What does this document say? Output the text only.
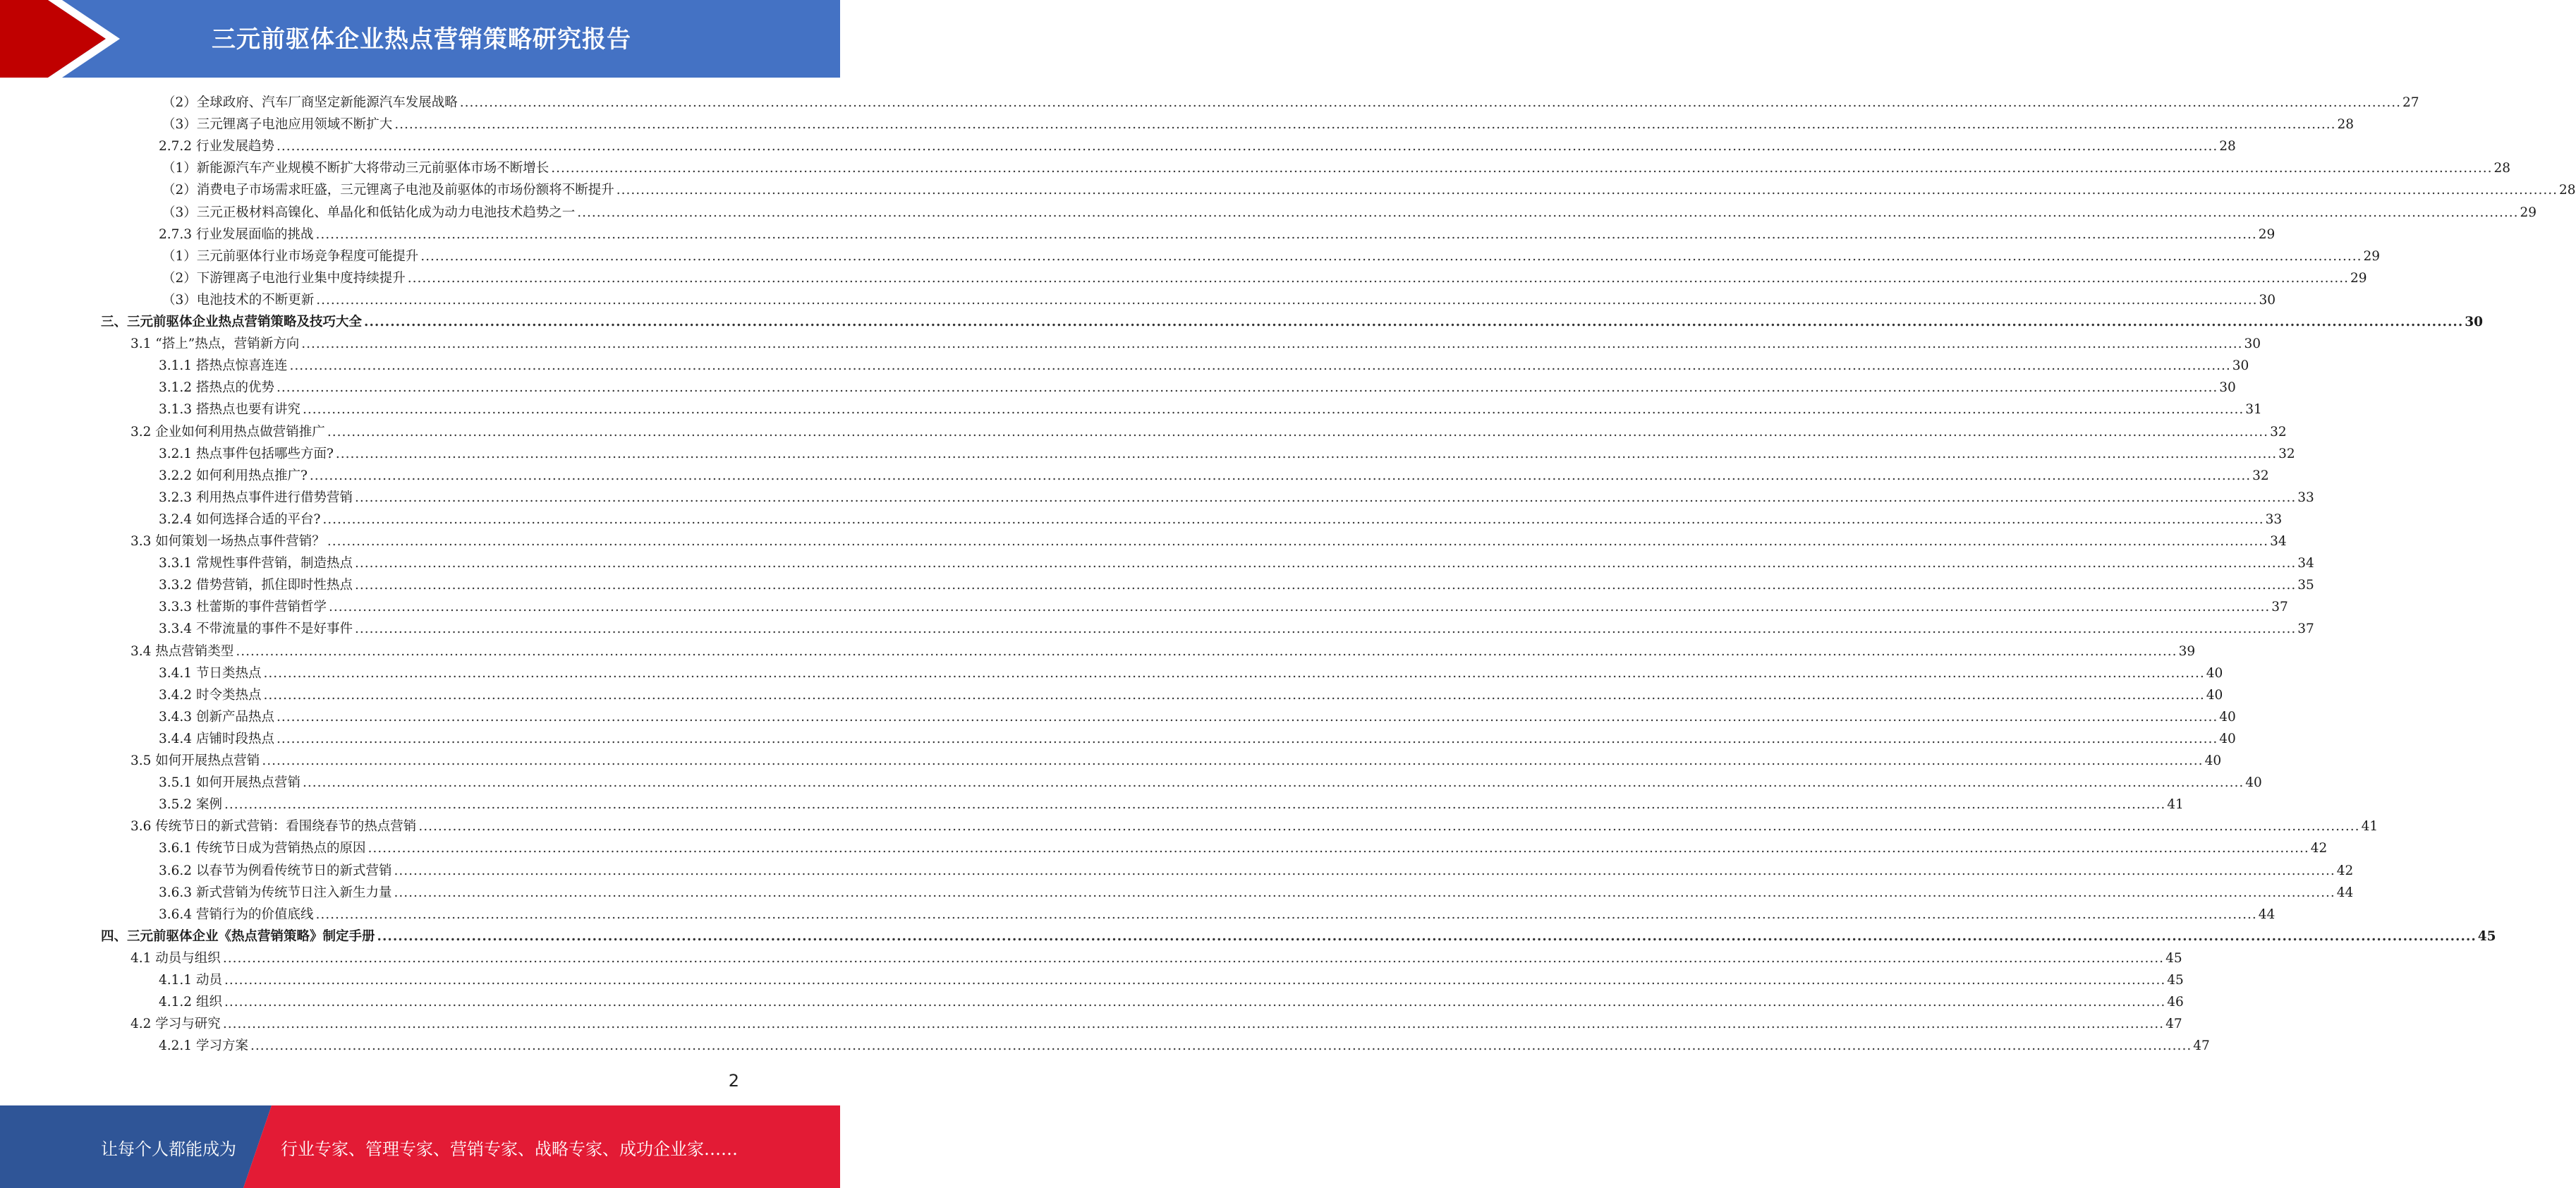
三元前驱体企业热点营销策略研究报告
（2）全球政府、汽车厂商坚定新能源汽车发展战略 ................................................................................................................................................................................................................................................................................................................................................................................................................ 27
（3）三元锂离子电池应用领域不断扩大 ................................................................................................................................................................................................................................................................................................................................................................................................................ 28
2.7.2 行业发展趋势 ................................................................................................................................................................................................................................................................................................................................................................................................................ 28
（1）新能源汽车产业规模不断扩大将带动三元前驱体市场不断增长 ................................................................................................................................................................................................................................................................................................................................................................................................................ 28
（2）消费电子市场需求旺盛，三元锂离子电池及前驱体的市场份额将不断提升 ................................................................................................................................................................................................................................................................................................................................................................................................................ 28
（3）三元正极材料高镍化、单晶化和低钴化成为动力电池技术趋势之一 ................................................................................................................................................................................................................................................................................................................................................................................................................ 29
2.7.3 行业发展面临的挑战 ................................................................................................................................................................................................................................................................................................................................................................................................................ 29
（1）三元前驱体行业市场竞争程度可能提升 ................................................................................................................................................................................................................................................................................................................................................................................................................ 29
（2）下游锂离子电池行业集中度持续提升 ................................................................................................................................................................................................................................................................................................................................................................................................................ 29
（3）电池技术的不断更新 ................................................................................................................................................................................................................................................................................................................................................................................................................ 30
三、三元前驱体企业热点营销策略及技巧大全 ................................................................................................................................................................................................................................................................................................................................................................................................................ 30
3.1 “搭上”热点，营销新方向 ................................................................................................................................................................................................................................................................................................................................................................................................................ 30
3.1.1 搭热点惊喜连连 ................................................................................................................................................................................................................................................................................................................................................................................................................ 30
3.1.2 搭热点的优势 ................................................................................................................................................................................................................................................................................................................................................................................................................ 30
3.1.3 搭热点也要有讲究 ................................................................................................................................................................................................................................................................................................................................................................................................................ 31
3.2 企业如何利用热点做营销推广 ................................................................................................................................................................................................................................................................................................................................................................................................................ 32
3.2.1 热点事件包括哪些方面? ................................................................................................................................................................................................................................................................................................................................................................................................................ 32
3.2.2 如何利用热点推广? ................................................................................................................................................................................................................................................................................................................................................................................................................ 32
3.2.3 利用热点事件进行借势营销 ................................................................................................................................................................................................................................................................................................................................................................................................................ 33
3.2.4 如何选择合适的平台? ................................................................................................................................................................................................................................................................................................................................................................................................................ 33
3.3 如何策划一场热点事件营销？ ................................................................................................................................................................................................................................................................................................................................................................................................................ 34
3.3.1 常规性事件营销，制造热点 ................................................................................................................................................................................................................................................................................................................................................................................................................ 34
3.3.2 借势营销，抓住即时性热点 ................................................................................................................................................................................................................................................................................................................................................................................................................ 35
3.3.3 杜蕾斯的事件营销哲学 ................................................................................................................................................................................................................................................................................................................................................................................................................ 37
3.3.4 不带流量的事件不是好事件 ................................................................................................................................................................................................................................................................................................................................................................................................................ 37
3.4 热点营销类型 ................................................................................................................................................................................................................................................................................................................................................................................................................ 39
3.4.1 节日类热点 ................................................................................................................................................................................................................................................................................................................................................................................................................ 40
3.4.2 时令类热点 ................................................................................................................................................................................................................................................................................................................................................................................................................ 40
3.4.3 创新产品热点 ................................................................................................................................................................................................................................................................................................................................................................................................................ 40
3.4.4 店铺时段热点 ................................................................................................................................................................................................................................................................................................................................................................................................................ 40
3.5 如何开展热点营销 ................................................................................................................................................................................................................................................................................................................................................................................................................ 40
3.5.1 如何开展热点营销 ................................................................................................................................................................................................................................................................................................................................................................................................................ 40
3.5.2 案例 ................................................................................................................................................................................................................................................................................................................................................................................................................ 41
3.6 传统节日的新式营销：看围绕春节的热点营销 ................................................................................................................................................................................................................................................................................................................................................................................................................ 41
3.6.1 传统节日成为营销热点的原因 ................................................................................................................................................................................................................................................................................................................................................................................................................ 42
3.6.2 以春节为例看传统节日的新式营销 ................................................................................................................................................................................................................................................................................................................................................................................................................ 42
3.6.3 新式营销为传统节日注入新生力量 ................................................................................................................................................................................................................................................................................................................................................................................................................ 44
3.6.4 营销行为的价值底线 ................................................................................................................................................................................................................................................................................................................................................................................................................ 44
四、三元前驱体企业《热点营销策略》制定手册 ................................................................................................................................................................................................................................................................................................................................................................................................................ 45
4.1 动员与组织 ................................................................................................................................................................................................................................................................................................................................................................................................................ 45
4.1.1 动员 ................................................................................................................................................................................................................................................................................................................................................................................................................ 45
4.1.2 组织 ................................................................................................................................................................................................................................................................................................................................................................................................................ 46
4.2 学习与研究 ................................................................................................................................................................................................................................................................................................................................................................................................................ 47
4.2.1 学习方案 ................................................................................................................................................................................................................................................................................................................................................................................................................ 47
2
让每个人都能成为	行业专家、管理专家、营销专家、战略专家、成功企业家……
